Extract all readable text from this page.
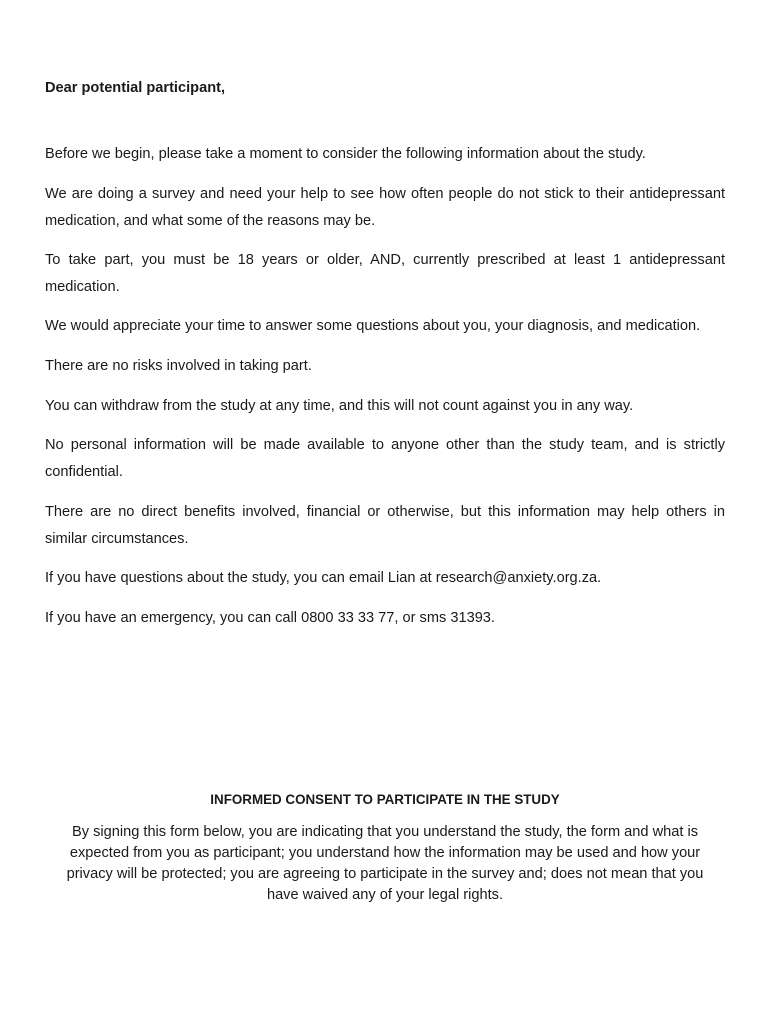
Dear potential participant,

Before we begin, please take a moment to consider the following information about the study.

We are doing a survey and need your help to see how often people do not stick to their antidepressant medication, and what some of the reasons may be.

To take part, you must be 18 years or older, AND, currently prescribed at least 1 antidepressant medication.

We would appreciate your time to answer some questions about you, your diagnosis, and medication.

There are no risks involved in taking part.

You can withdraw from the study at any time, and this will not count against you in any way.

No personal information will be made available to anyone other than the study team, and is strictly confidential.

There are no direct benefits involved, financial or otherwise, but this information may help others in similar circumstances.

If you have questions about the study, you can email Lian at research@anxiety.org.za.

If you have an emergency, you can call 0800 33 33 77, or sms 31393.

INFORMED CONSENT TO PARTICIPATE IN THE STUDY

By signing this form below, you are indicating that you understand the study, the form and what is expected from you as participant; you understand how the information may be used and how your privacy will be protected; you are agreeing to participate in the survey and; does not mean that you have waived any of your legal rights.
